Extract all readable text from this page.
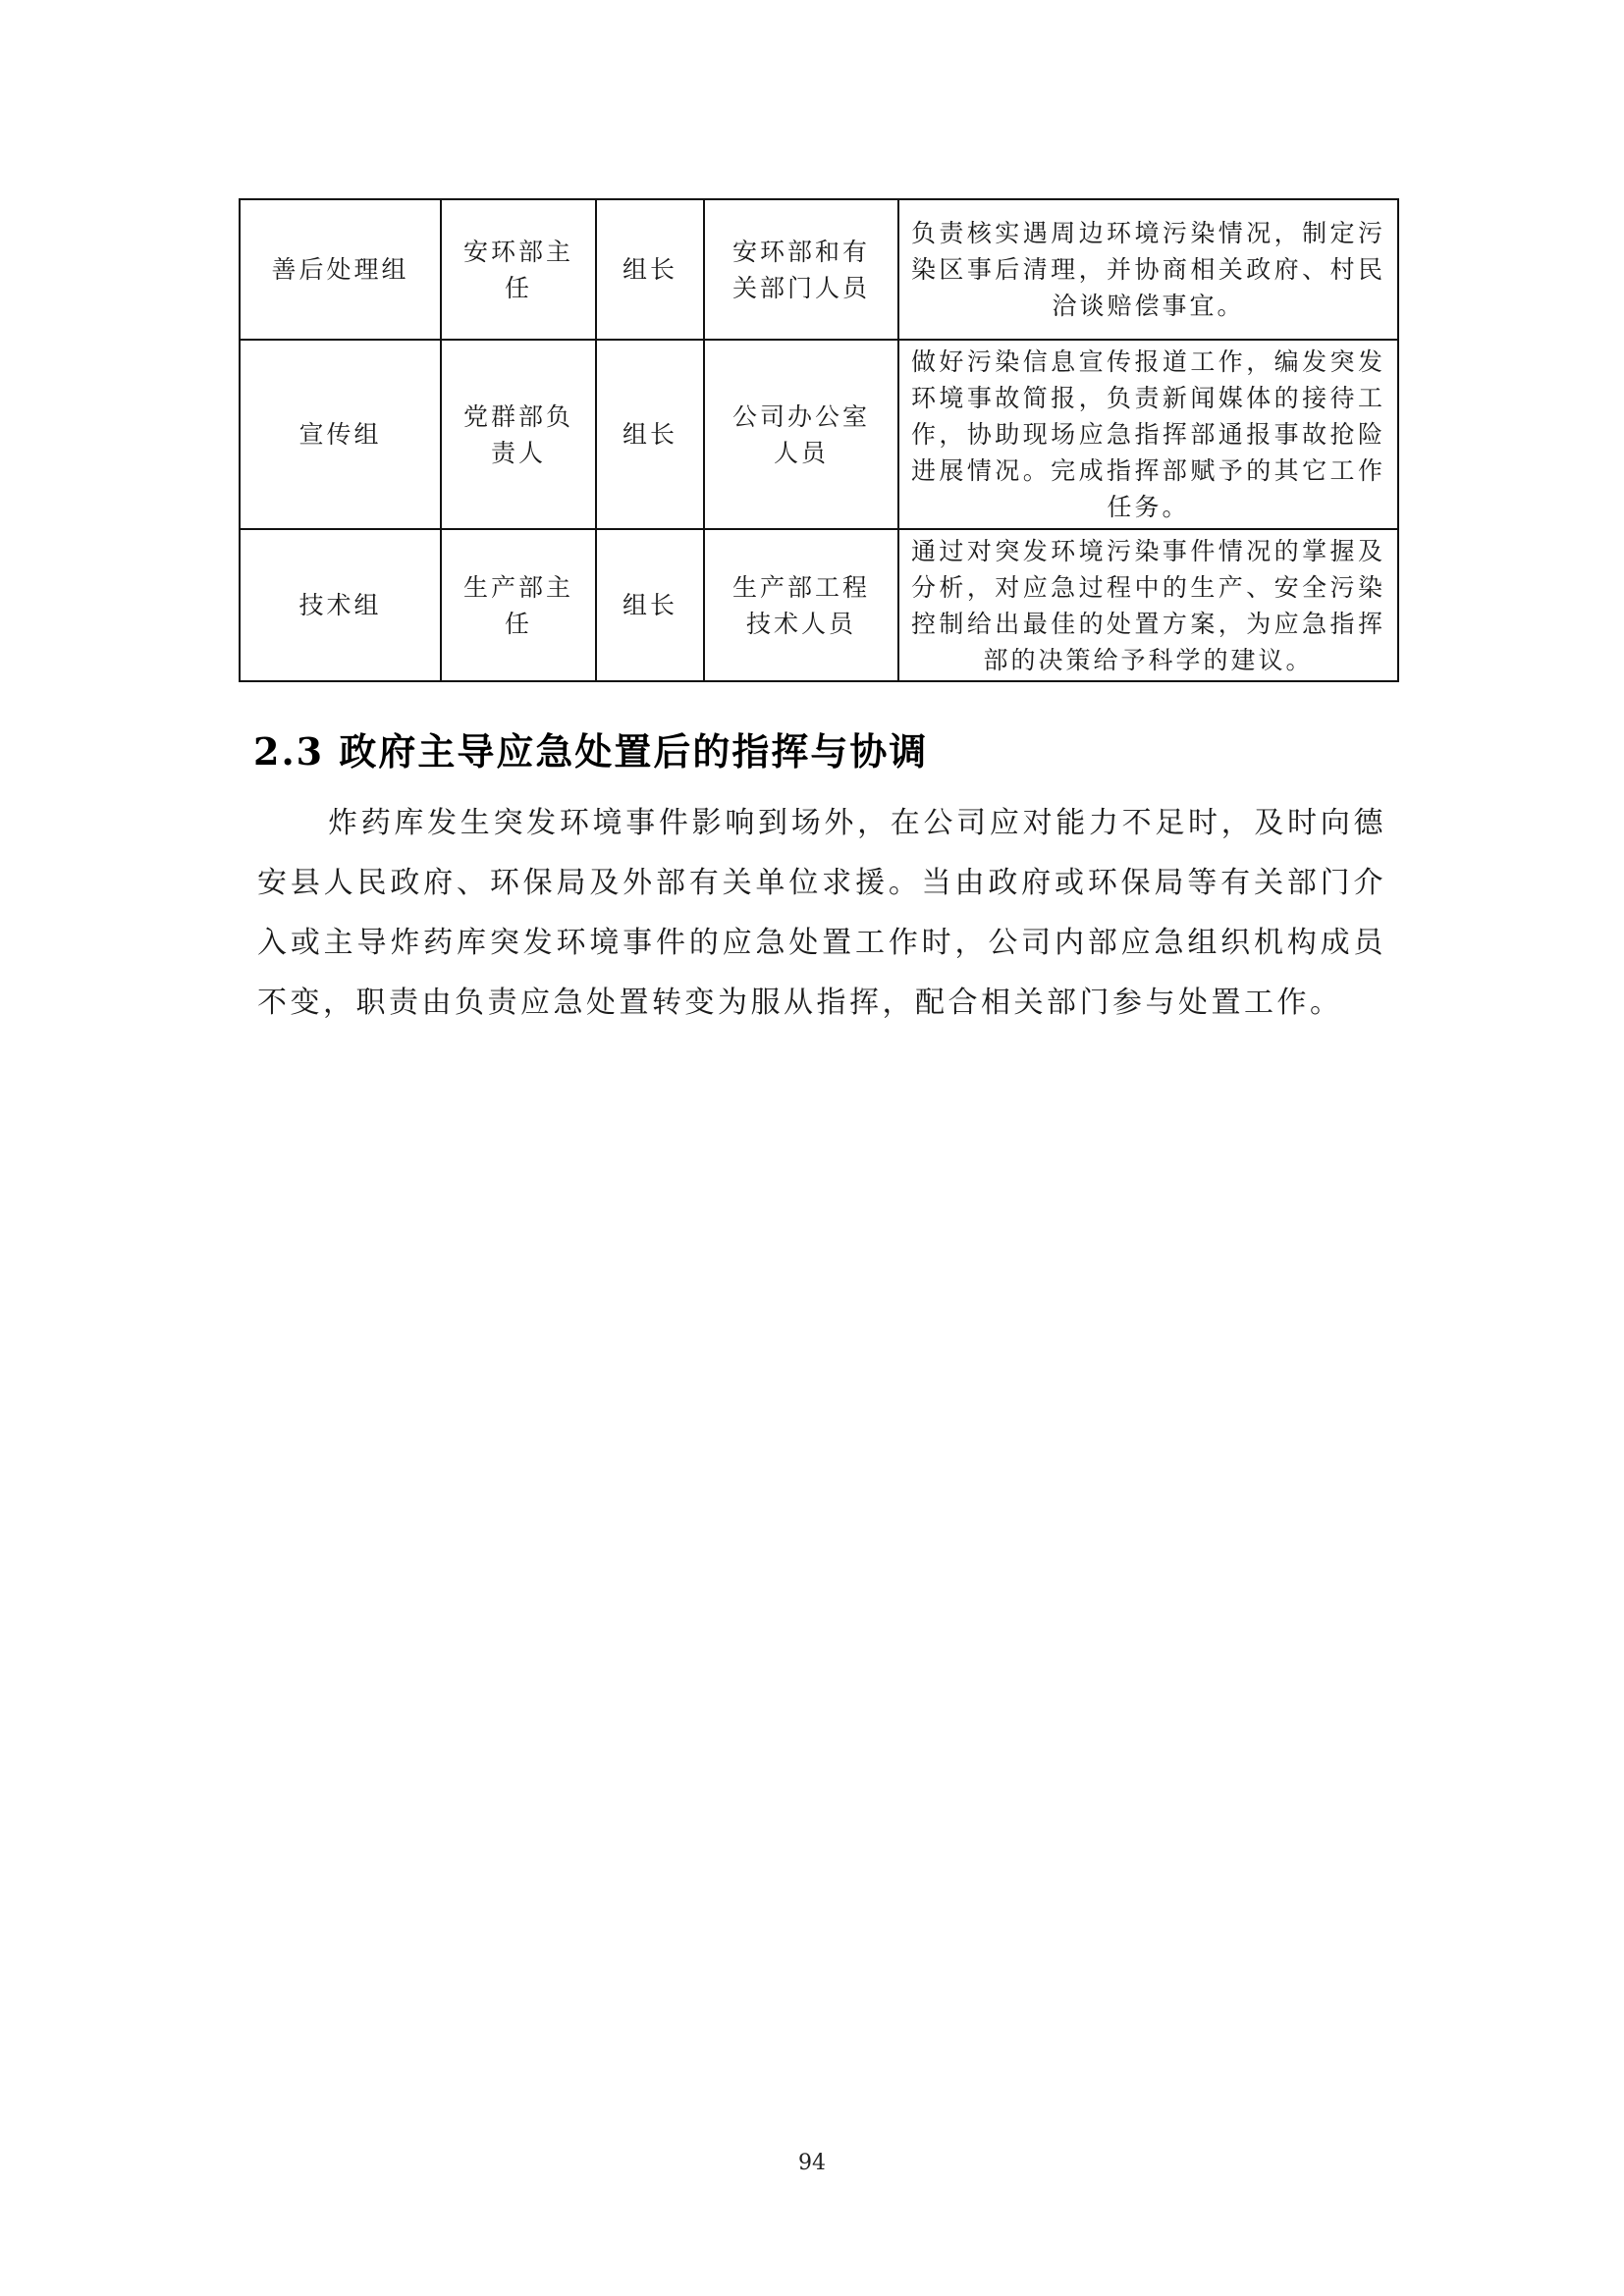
善后处理组	安环部主任	组长	安环部和有关部门人员	负责核实遇周边环境污染情况，制定污染区事后清理，并协商相关政府、村民洽谈赔偿事宜。
宣传组	党群部负责人	组长	公司办公室人员	做好污染信息宣传报道工作，编发突发环境事故简报，负责新闻媒体的接待工作，协助现场应急指挥部通报事故抢险进展情况。完成指挥部赋予的其它工作任务。
技术组	生产部主任	组长	生产部工程技术人员	通过对突发环境污染事件情况的掌握及分析，对应急过程中的生产、安全污染控制给出最佳的处置方案，为应急指挥部的决策给予科学的建议。
2.3 政府主导应急处置后的指挥与协调

炸药库发生突发环境事件影响到场外，在公司应对能力不足时，及时向德安县人民政府、环保局及外部有关单位求援。当由政府或环保局等有关部门介入或主导炸药库突发环境事件的应急处置工作时，公司内部应急组织机构成员不变，职责由负责应急处置转变为服从指挥，配合相关部门参与处置工作。

94
